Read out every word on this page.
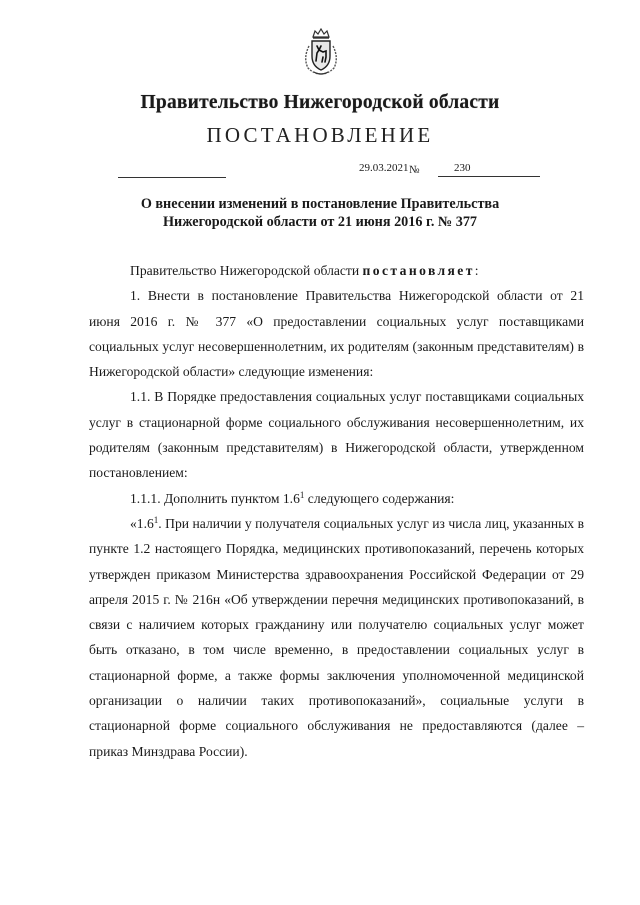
Правительство Нижегородской области
ПОСТАНОВЛЕНИЕ
29.03.2021 №	230
О внесении изменений в постановление Правительства
Нижегородской области от 21 июня 2016 г. № 377

Правительство Нижегородской области постановляет:

1. Внести в постановление Правительства Нижегородской области от 21 июня 2016 г. № 377 «О предоставлении социальных услуг поставщиками социальных услуг несовершеннолетним, их родителям (законным представителям) в Нижегородской области» следующие изменения:

1.1. В Порядке предоставления социальных услуг поставщиками социальных услуг в стационарной форме социального обслуживания несовершеннолетним, их родителям (законным представителям) в Нижегородской области, утвержденном постановлением:

1.1.1. Дополнить пунктом $1.6^1$ следующего содержания:

«$1.6^1$. При наличии у получателя социальных услуг из числа лиц, указанных в пункте 1.2 настоящего Порядка, медицинских противопоказаний, перечень которых утвержден приказом Министерства здравоохранения Российской Федерации от 29 апреля 2015 г. № 216н «Об утверждении перечня медицинских противопоказаний, в связи с наличием которых гражданину или получателю социальных услуг может быть отказано, в том числе временно, в предоставлении социальных услуг в стационарной форме, а также формы заключения уполномоченной медицинской организации о наличии таких противопоказаний», социальные услуги в стационарной форме социального обслуживания не предоставляются (далее – приказ Минздрава России).
